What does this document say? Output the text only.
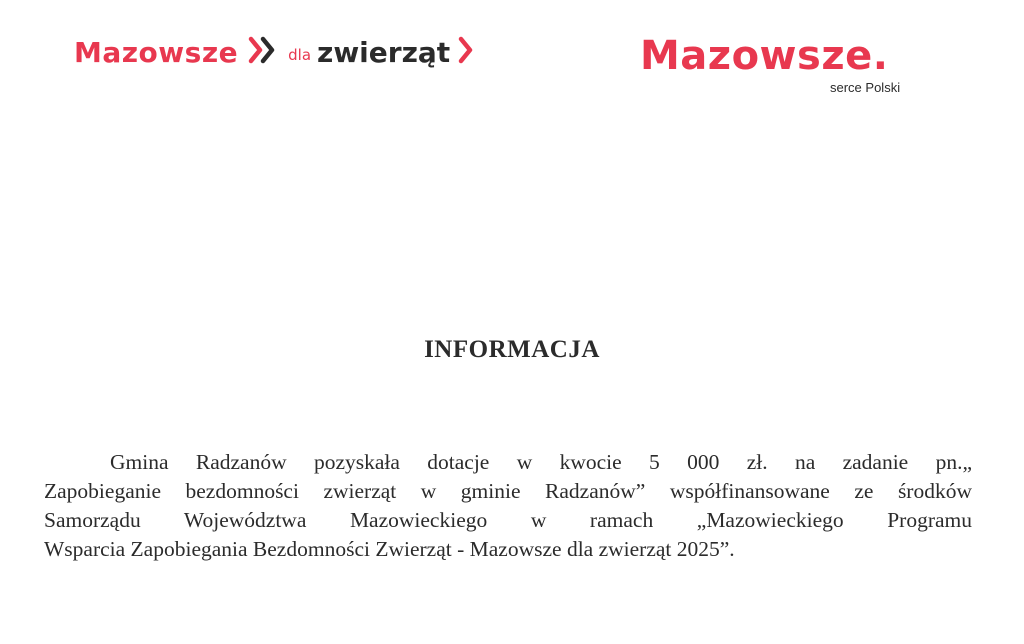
Mazowsze	dla zwierząt	Mazowsze.
serce Polski
INFORMACJA
Gmina Radzanów pozyskała dotacje w kwocie 5 000 zł. na zadanie pn.„
Zapobieganie bezdomności zwierząt w gminie Radzanów” współfinansowane ze środków
Samorządu Województwa Mazowieckiego w ramach „Mazowieckiego Programu
Wsparcia Zapobiegania Bezdomności Zwierząt - Mazowsze dla zwierząt 2025”.
